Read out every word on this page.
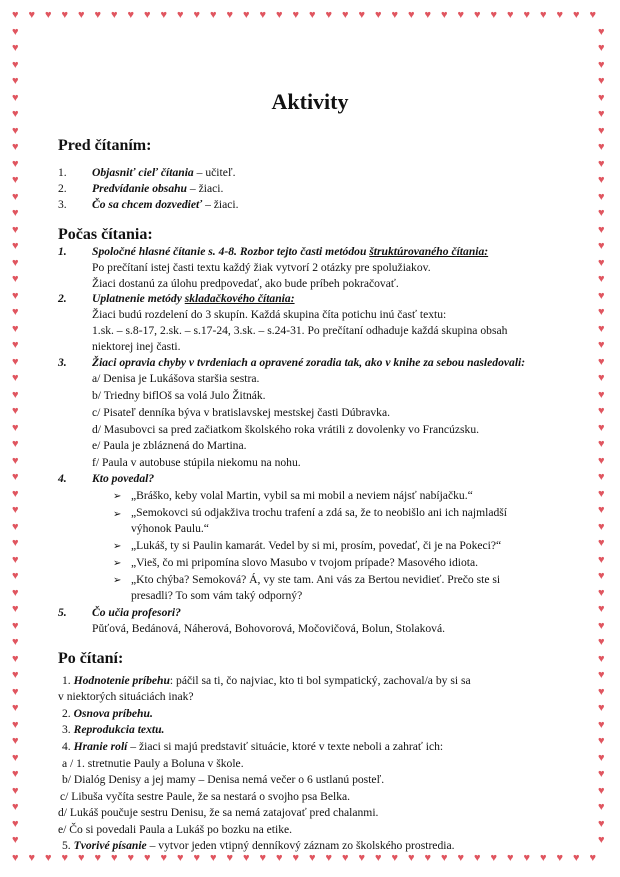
♥
♥
♥
♥
♥
♥
♥
♥
♥
♥
♥
♥
♥
♥
♥
♥
♥
♥
♥
♥
♥
♥
♥
♥
♥
♥
♥
♥
♥
♥
♥
♥
♥
♥
♥
♥
♥
♥
♥
♥
♥
♥
♥
♥
♥
♥
♥
♥
♥
♥
♥
♥
♥
♥
♥
♥
♥
♥
♥
♥
♥
♥
♥
♥
♥
♥
♥
♥
♥
♥
♥
♥
♥	♥
♥	♥
♥	♥
♥	♥
♥	♥
♥	♥
♥	♥
♥	♥
♥	♥
♥	♥
♥	♥
♥	♥
♥	♥
♥	♥
♥	♥
♥	♥
♥	♥
♥	♥
♥	♥
♥	♥
♥	♥
♥	♥
♥	♥
♥	♥
♥	♥
♥	♥
♥	♥
♥	♥
♥	♥
♥	♥
♥	♥
♥	♥
♥	♥
♥	♥
♥	♥
♥	♥
♥	♥
♥	♥
♥	♥
♥	♥
♥	♥
♥	♥
♥	♥
♥	♥
♥	♥
♥	♥
♥	♥
♥	♥
♥	♥
♥	♥
Aktivity
Pred čítaním:
1. Objasniť cieľ čítania – učiteľ.
2. Predvídanie obsahu – žiaci.
3. Čo sa chcem dozvedieť – žiaci.
Počas čítania:
1. Spoločné hlasné čítanie s. 4-8. Rozbor tejto časti metódou štruktúrovaného čítania:
Po prečítaní istej časti textu každý žiak vytvorí 2 otázky pre spolužiakov.
Žiaci dostanú za úlohu predpovedať, ako bude príbeh pokračovať.
2. Uplatnenie metódy skladačkového čítania:
Žiaci budú rozdelení do 3 skupín. Každá skupina číta potichu inú časť textu:
1.sk. – s.8-17, 2.sk. – s.17-24, 3.sk. – s.24-31. Po prečítaní odhaduje každá skupina obsah
niektorej inej časti.
3. Žiaci opravia chyby v tvrdeniach a opravené zoradia tak, ako v knihe za sebou nasledovali:
a/ Denisa je Lukášova staršia sestra.
b/ Triedny biflOš sa volá Julo Žitnák.
c/ Pisateľ denníka býva v bratislavskej mestskej časti Dúbravka.
d/ Masubovci sa pred začiatkom školského roka vrátili z dovolenky vo Francúzsku.
e/ Paula je zbláznená do Martina.
f/ Paula v autobuse stúpila niekomu na nohu.
4. Kto povedal?
➢ „Bráško, keby volal Martin, vybil sa mi mobil a neviem nájsť nabíjačku.“
➢ „Semokovci sú odjakživa trochu trafení a zdá sa, že to neobišlo ani ich najmladší
výhonok Paulu.“
➢ „Lukáš, ty si Paulin kamarát. Vedel by si mi, prosím, povedať, či je na Pokeci?“
➢ „Vieš, čo mi pripomína slovo Masubo v tvojom prípade? Masového idiota.
➢ „Kto chýba? Semoková? Á, vy ste tam. Ani vás za Bertou nevidieť. Prečo ste si
presadli? To som vám taký odporný?
5. Čo učia profesori?
Pŭťová, Bedánová, Náherová, Bohovorová, Močovičová, Bolun, Stolaková.
Po čítaní:
1. Hodnotenie príbehu: páčil sa ti, čo najviac, kto ti bol sympatický, zachoval/a by si sa
v niektorých situáciách inak?
2. Osnova príbehu.
3. Reprodukcia textu.
4. Hranie rolí – žiaci si majú predstaviť situácie, ktoré v texte neboli a zahrať ich:
a / 1. stretnutie Pauly a Boluna v škole.
b/ Dialóg Denisy a jej mamy – Denisa nemá večer o 6 ustlanú posteľ.
c/ Libuša vyčíta sestre Paule, že sa nestará o svojho psa Belka.
d/ Lukáš poučuje sestru Denisu, že sa nemá zatajovať pred chalanmi.
e/ Čo si povedali Paula a Lukáš po bozku na etike.
5. Tvorivé písanie – vytvor jeden vtipný denníkový záznam zo školského prostredia.
